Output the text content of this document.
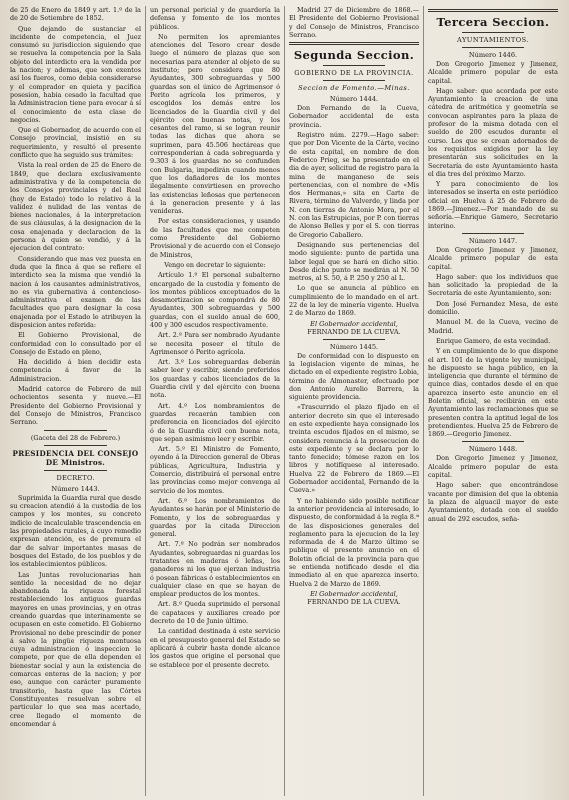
de 25 de Enero de 1849 y art. 1.º de la de 20 de Setiembre de 1852.

Que dejando de sustanciar el incidente de competencia, el Juez consumó su jurisdiccion siguiendo que se resuelva la competencia por la Sala objeto del interdicto era la vendida por la nacion; y ademas, que son exentos así los fueros, como debia considerarse y el comprador en quieta y pacífica posesion, habia cesado la facultad que la Administracion tiene para evocar á sí el conocimiento de esta clase de negocios.

Que el Gobernador, de acuerdo con el Consejo provincial, insistió en su requerimiento, y resultó el presente conflicto que ha seguido sus trámites:

Vista la real orden de 25 de Enero de 1849, que declara exclusivamente administrativa y de la competencia de los Consejos provinciales y del Real (hoy de Estado) todo lo relativo á la validez é nulidad de las ventas de bienes nacionales, á la interpretacion de sus cláusulas, á la designacion de la cosa enajenada y declaracion de la persona á quien se vendió, y á la ejecucion del contrato:

Considerando que mas vez puesta en duda que la finca á que se refiere el interdicto sea la misma que vendió la nacion á los causantes administrativos, no es via gubernativa á contencioso-administrativa el examen de las facultades que para designar la cosa enajenada por el Estado le atribuyen la disposicion antes referida:

El Gobierno Provisional, de conformidad con lo consultado por el Consejo de Estado en pleno,

Ha decidido á bien decidir esta competencia á favor de la Administracion.

Madrid catorce de Febrero de mil ochocientos sesenta y nueve.—El Presidente del Gobierno Provisional y del Consejo de Ministros, Francisco Serrano.

(Gaceta del 28 de Febrero.)

PRESIDENCIA DEL CONSEJO DE Ministros.
DECRETO.
Número 1443.

Suprimida la Guardia rural que desde su creacion atendió á la custodia de los campos y los montes, su concreto indicio de incalculable trascendencia en las propiedades rurales, á cuyo remedio expresan atención, es de premura el dar de salvar importantes masas de bosques del Estado, de los pueblos y de los establecimientos públicos.

Las Juntas revolucionarias han sentido la necesidad de no dejar abandonada la riqueza forestal restableciendo los antiguos guardas mayores en unas provincias, y en otras creando guardas que interinamente se ocupasen en este cometido. El Gobierno Provisional no debe prescindir de poner á salvo la pingüe riqueza montuosa cuya administracion ó inspeccion le compete, por que de ella dependen el bienestar social y aun la existencia de comarcas enteras de la nacion; y por eso, aunque con carácter puramente transitorio, hasta que las Córtes Constituyentes resuelvan sobre el particular lo que sea mas acertado, cree llegado el momento de encomendar á

un personal pericial y de guardería la defensa y fomento de los montes públicos.

No permiten los apremiantes atenciones del Tesoro crear desde luego el número de plazas que son necesarias para atender al objeto de su instituto; pero considera que 80 Ayudantes, 300 sobreguardas y 500 guardas son el único de Agrimensor ó Perito agrícola los primeros, y escogidos los demás entre los licenciados de la Guardia civil y del ejército con buenas notas, y los cesantes del ramo, si se logran reunir todas las dichas que ahora se suprimen, para 45.506 hectáreas que corresponderian á cada sobreguarda y 9.303 á los guardas no se confunden con Bulgaria, impedirán cuando menos que los dañadores de los montes ilegalmente convirtiesen en provecho las existencias leñosas que pertenecen á la generacion presente y á las venideras.

Por estas consideraciones, y usando de las facultades que me competen como Presidente del Gobierno Provisional y de acuerdo con el Consejo de Ministros,

Vengo en decretar lo siguiente:

Artículo 1.º El personal subalterno encargado de la custodia y fomento de los montes públicos exceptuados de la desamortizacion se compondrá de 80 Ayudantes, 300 sobreguardas y 500 guardas, con el sueldo anual de 600, 400 y 300 escudos respectivamente.

Art. 2.º Para ser nombrado Ayudante se necesita poseer el título de Agrimensor ó Perito agrícola.

Art. 3.º Los sobreguardas deberán saber leer y escribir, siendo preferidos los guardas y cabos licenciados de la Guardia civil y del ejército con buena nota.

Art. 4.º Los nombramientos de guardas recaerán tambien con preferencia en licenciados del ejército ó de la Guardia civil con buena nota, que sepan asimismo leer y escribir.

Art. 5.º El Ministro de Fomento, oyendo á la Direccion general de Obras públicas, Agricultura, Industria y Comercio, distribuirá el personal entre las provincias como mejor convenga al servicio de los montes.

Art. 6.º Los nombramientos de Ayudantes se harán por el Ministerio de Fomento, y los de sobreguardas y guardas por la citada Direccion general.

Art. 7.º No podrán ser nombrados Ayudantes, sobreguardas ni guardas los tratantes en maderas ó leñas, los ganaderos ni los que ejerzan industria ó posean fábricas ó establecimientos en cualquier clase en que se hayan de emplear productos de los montes.

Art. 8.º Queda suprimido el personal de capataces y auxiliares creado por decreto de 10 de Junio último.

La cantidad destinada á este servicio en el presupuesto general del Estado se aplicará á cubrir hasta donde alcance los gastos que origine el personal que se establece por el presente decreto.

Madrid 27 de Diciembre de 1868.—El Presidente del Gobierno Provisional y del Consejo de Ministros, Francisco Serrano.

Segunda Seccion.
GOBIERNO DE LA PROVINCIA.
Seccion de Fomento.—Minas.
Número 1444.

Don Fernando de la Cueva, Gobernador accidental de esta provincia.

Registro núm. 2279.—Hago saber: que por Don Vicente de la Cárte, vecino de esta capital, en nombre de don Federico Prieg, se ha presentado en el dia de ayer, solicitud de registro para la mina de manganeso de seis pertenencias, con el nombre de «Mis dos Hermanas,» sita en Carte de Rivera, término de Valverde, y linda por N. con tierras de Antonio Mora, por el N. con las Estrupicias, por P. con tierras de Alonso Belles y por el S. con tierras de Gregorio Caballero.

Designando sus pertenencias del modo siguiente: punto de partida una labor legal que se hará en dicho sitio. Desde dicho punto se medirán al N. 50 metros, al S. 50, á P. 250 y 250 al L.

Lo que se anuncia al público en cumplimiento de lo mandado en el art. 22 de la ley de minería vigente. Huelva 2 de Marzo de 1869.

El Gobernador accidental,
FERNANDO DE LA CUEVA.
Número 1445.

De conformidad con lo dispuesto en la legislacion vigente de minas, he dictado en el expediente registro Lobia, término de Almonaster, efectuado por don Antonio Aurelio Barrera, la siguiente providencia.

«Trascurrido el plazo fijado en el anterior decreto sin que el interesado en este expediente haya consignado los treinta escudos fijados en el mismo, se considera renuncia á la prosecucion de este expediente y se declara por lo tanto fenecido; tómese razon en los libros y notifíquese al interesado. Huelva 22 de Febrero de 1869.—El Gobernador accidental, Fernando de la Cueva.»

Y no habiendo sido posible notificar la anterior providencia al interesado, lo dispuesto, de conformidad á la regla 8.ª de las disposiciones generales del reglamento para la ejecucion de la ley reformada de 4 de Marzo último se publique el presente anuncio en el Boletin oficial de la provincia para que se entienda notificado desde el dia inmediato al en que aparezca inserto. Huelva 2 de Marzo de 1869.

El Gobernador accidental,
FERNANDO DE LA CUEVA.
Tercera Seccion.
AYUNTAMIENTOS.
Número 1446.

Don Gregorio Jimenez y Jimenez, Alcalde primero popular de esta capital.

Hago saber: que acordada por este Ayuntamiento la creacion de una cátedra de aritmética y geometría se convocan aspirantes para la plaza de profesor de la misma dotada con el sueldo de 200 escudos durante el curso. Los que se crean adornados de los requisitos exigidos por la ley presentarán sus solicitudes en la Secretaría de este Ayuntamiento hasta el dia tres del próximo Marzo.

Y para conocimiento de los interesados se inserta en este periódico oficial en Huelva á 25 de Febrero de 1869.—Jimenez.—Por mandado de su señoría.—Enrique Gamero, Secretario interino.

Número 1447.

Don Gregorio Jimenez y Jimenez, Alcalde primero popular de esta capital.

Hago saber: que los individuos que han solicitado la propiedad de la Secretaría de este Ayuntamiento, son:

Don José Fernandez Mesa, de este domicilio.

Manuel M. de la Cueva, vecino de Madrid.

Enrique Gamero, de esta vecindad.

Y en cumplimiento de lo que dispone el art. 101 de la vigente ley municipal, he dispuesto se haga público, en la inteligencia que durante el término de quince dias, contados desde el en que aparezca inserto este anuncio en el Boletin oficial, se recibirán en este Ayuntamiento las reclamaciones que se presenten contra la aptitud legal de los pretendientes. Huelva 25 de Febrero de 1869.—Gregorio Jimenez.

Número 1448.

Don Gregorio Jimenez y Jimenez, Alcalde primero popular de esta capital.

Hago saber: que encontrándose vacante por dimision del que la obtenia la plaza de alguacil mayor de este Ayuntamiento, dotada con el sueldo anual de 292 escudos, seña-
